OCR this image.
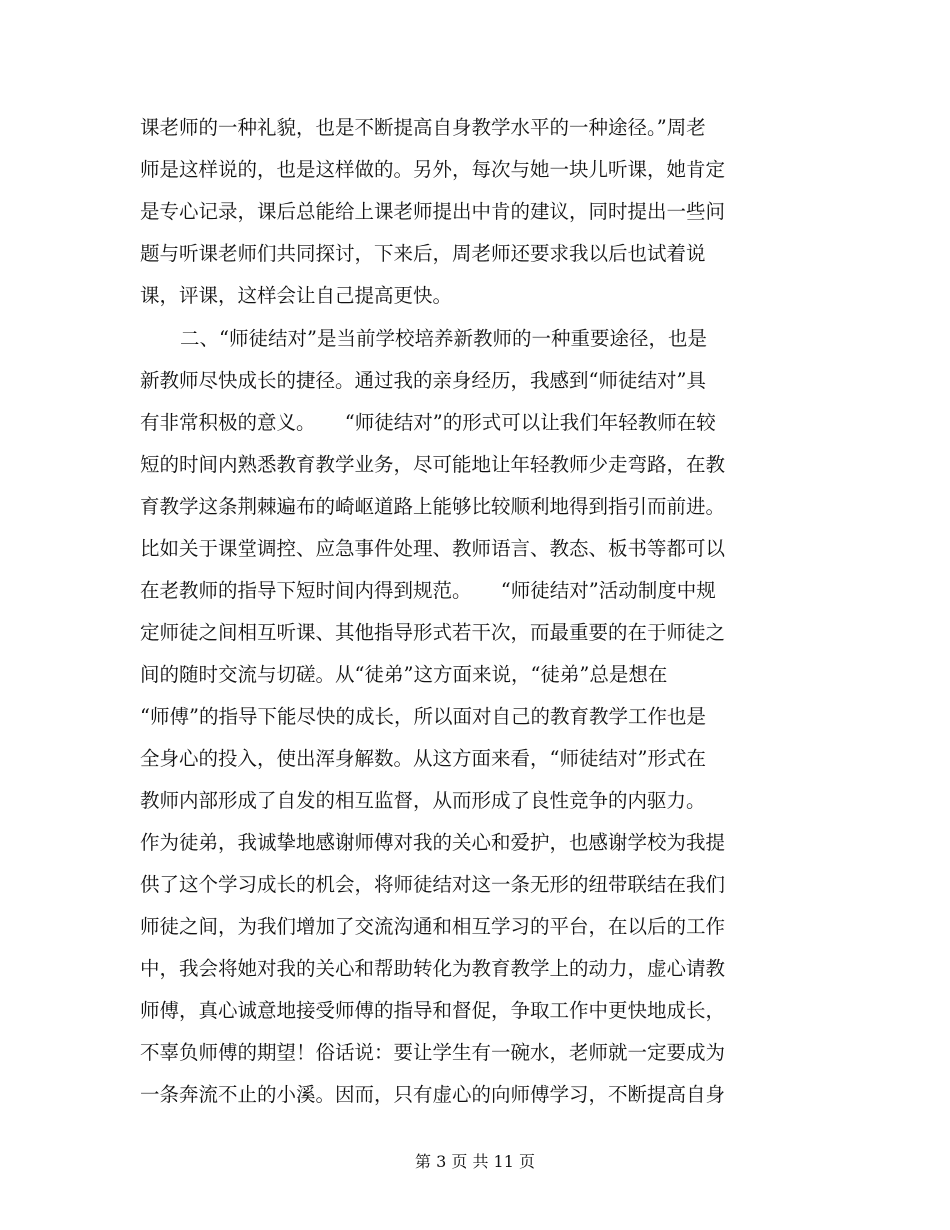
课老师的一种礼貌，也是不断提高自身教学水平的一种途径。”周老
师是这样说的，也是这样做的。另外，每次与她一块儿听课，她肯定
是专心记录，课后总能给上课老师提出中肯的建议，同时提出一些问
题与听课老师们共同探讨，下来后，周老师还要求我以后也试着说
课，评课，这样会让自己提高更快。
二、“师徒结对”是当前学校培养新教师的一种重要途径，也是
新教师尽快成长的捷径。通过我的亲身经历，我感到“师徒结对”具
有非常积极的意义。　　“师徒结对”的形式可以让我们年轻教师在较
短的时间内熟悉教育教学业务，尽可能地让年轻教师少走弯路，在教
育教学这条荆棘遍布的崎岖道路上能够比较顺利地得到指引而前进。
比如关于课堂调控、应急事件处理、教师语言、教态、板书等都可以
在老教师的指导下短时间内得到规范。　　“师徒结对”活动制度中规
定师徒之间相互听课、其他指导形式若干次，而最重要的在于师徒之
间的随时交流与切磋。从“徒弟”这方面来说，“徒弟”总是想在
“师傅”的指导下能尽快的成长，所以面对自己的教育教学工作也是
全身心的投入，使出浑身解数。从这方面来看，“师徒结对”形式在
教师内部形成了自发的相互监督，从而形成了良性竞争的内驱力。
作为徒弟，我诚挚地感谢师傅对我的关心和爱护，也感谢学校为我提
供了这个学习成长的机会，将师徒结对这一条无形的纽带联结在我们
师徒之间，为我们增加了交流沟通和相互学习的平台，在以后的工作
中，我会将她对我的关心和帮助转化为教育教学上的动力，虚心请教
师傅，真心诚意地接受师傅的指导和督促，争取工作中更快地成长，
不辜负师傅的期望！俗话说：要让学生有一碗水，老师就一定要成为
一条奔流不止的小溪。因而，只有虚心的向师傅学习，不断提高自身
第 3 页 共 11 页
